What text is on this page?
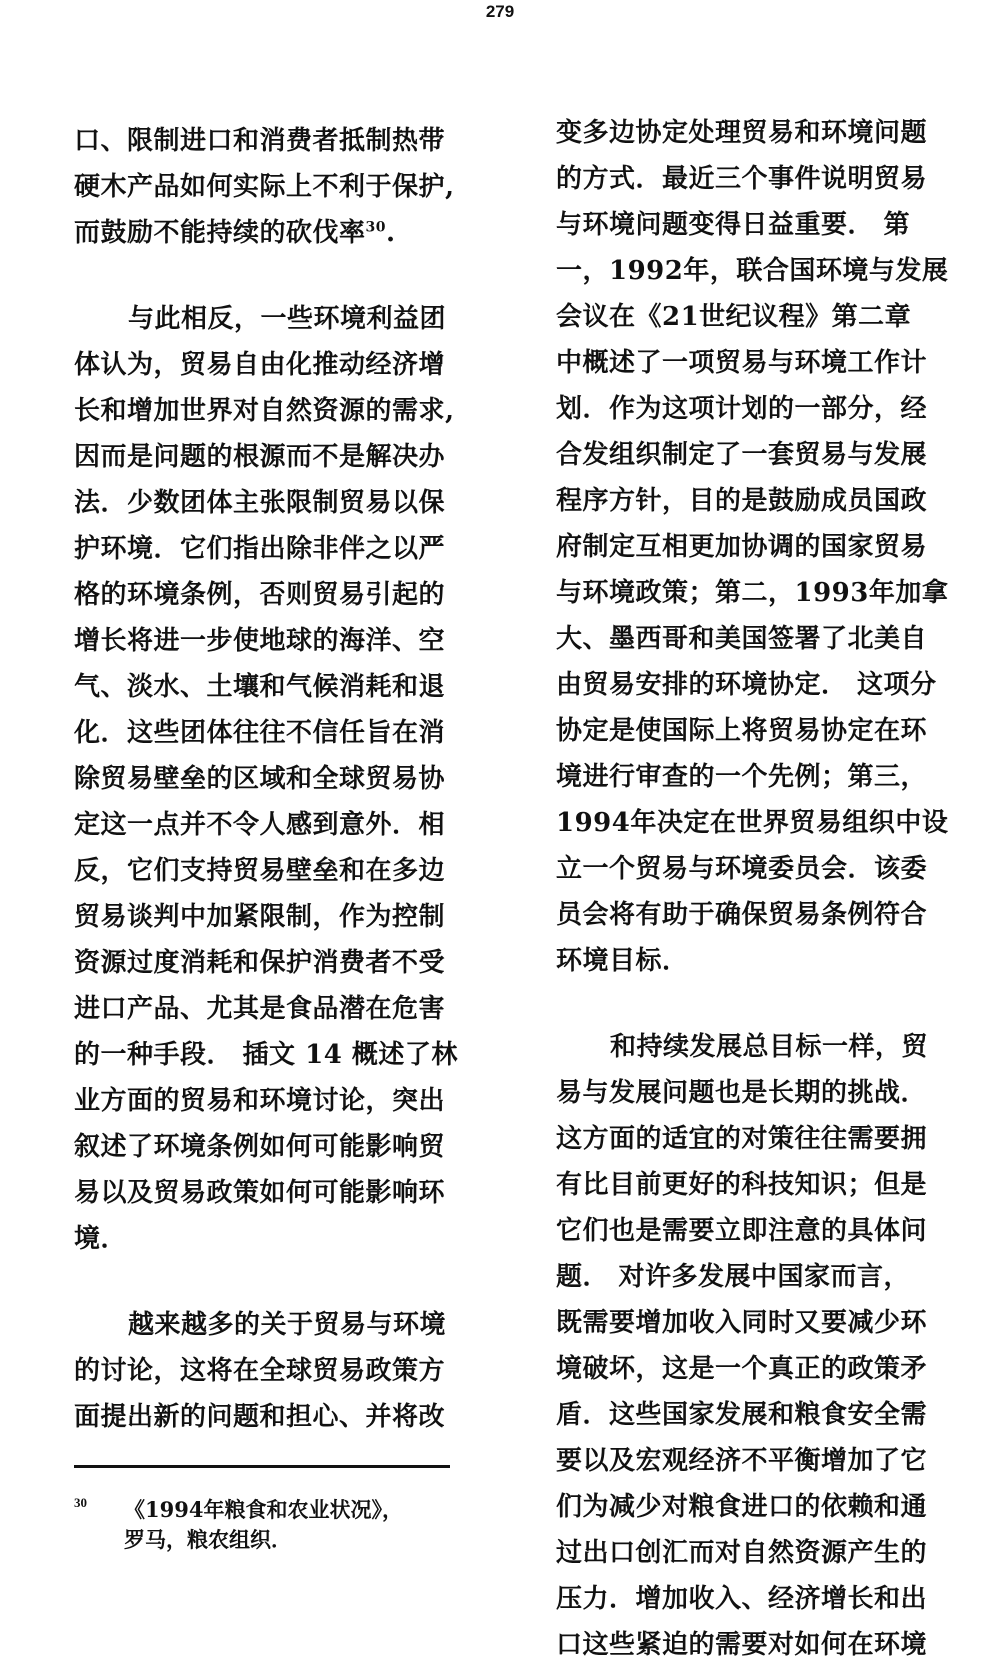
279
口、限制进口和消费者抵制热带
硬木产品如何实际上不利于保护,
而鼓励不能持续的砍伐率$^{30}$.
与此相反，一些环境利益团
体认为，贸易自由化推动经济增
长和增加世界对自然资源的需求,
因而是问题的根源而不是解决办
法．少数团体主张限制贸易以保
护环境．它们指出除非伴之以严
格的环境条例，否则贸易引起的
增长将进一步使地球的海洋、空
气、淡水、土壤和气候消耗和退
化．这些团体往往不信任旨在消
除贸易壁垒的区域和全球贸易协
定这一点并不令人感到意外．相
反，它们支持贸易壁垒和在多边
贸易谈判中加紧限制，作为控制
资源过度消耗和保护消费者不受
进口产品、尤其是食品潜在危害
的一种手段． 插文 14 概述了林
业方面的贸易和环境讨论，突出
叙述了环境条例如何可能影响贸
易以及贸易政策如何可能影响环
境．
越来越多的关于贸易与环境
的讨论，这将在全球贸易政策方
面提出新的问题和担心、并将改
变多边协定处理贸易和环境问题
的方式．最近三个事件说明贸易
与环境问题变得日益重要． 第
一，1992年，联合国环境与发展
会议在《21世纪议程》第二章
中概述了一项贸易与环境工作计
划．作为这项计划的一部分，经
合发组织制定了一套贸易与发展
程序方针，目的是鼓励成员国政
府制定互相更加协调的国家贸易
与环境政策；第二，1993年加拿
大、墨西哥和美国签署了北美自
由贸易安排的环境协定． 这项分
协定是使国际上将贸易协定在环
境进行审查的一个先例；第三，
1994年决定在世界贸易组织中设
立一个贸易与环境委员会．该委
员会将有助于确保贸易条例符合
环境目标．
和持续发展总目标一样，贸
易与发展问题也是长期的挑战．
这方面的适宜的对策往往需要拥
有比目前更好的科技知识；但是
它们也是需要立即注意的具体问
题． 对许多发展中国家而言，
既需要增加收入同时又要减少环
境破坏，这是一个真正的政策矛
盾．这些国家发展和粮食安全需
要以及宏观经济不平衡增加了它
们为减少对粮食进口的依赖和通
过出口创汇而对自然资源产生的
压力．增加收入、经济增长和出
口这些紧迫的需要对如何在环境
30	《1994年粮食和农业状况》，
罗马，粮农组织．
